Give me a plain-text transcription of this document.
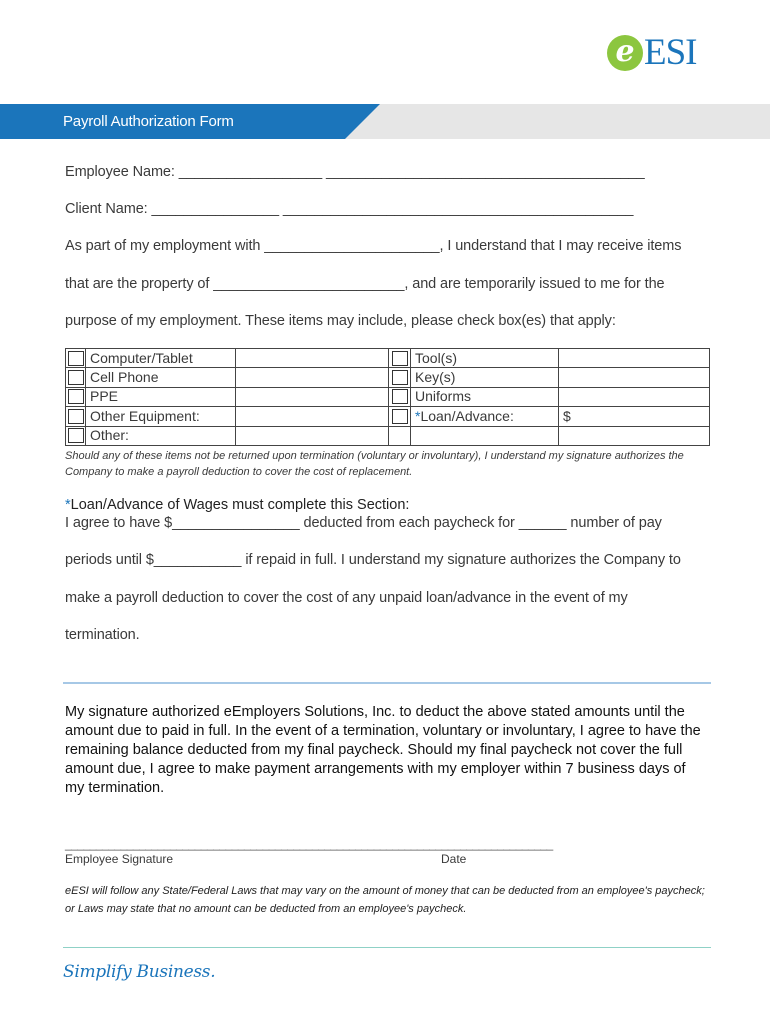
e ESI
Payroll Authorization Form
Employee Name: __________________ ________________________________________
Client Name: ________________ ____________________________________________
As part of my employment with ______________________, I understand that I may receive items
that are the property of ________________________, and are temporarily issued to me for the
purpose of my employment. These items may include, please check box(es) that apply:
	Computer/Tablet			Tool(s)	

	Cell Phone			Key(s)	

	PPE			Uniforms	

	Other Equipment:			*Loan/Advance:	$

	Other:				
Should any of these items not be returned upon termination (voluntary or involuntary), I understand my signature authorizes the Company to make a payroll deduction to cover the cost of replacement.
*Loan/Advance of Wages must complete this Section:
I agree to have $________________ deducted from each paycheck for ______ number of pay
periods until $___________ if repaid in full. I understand my signature authorizes the Company to
make a payroll deduction to cover the cost of any unpaid loan/advance in the event of my
termination.
My signature authorized eEmployers Solutions, Inc. to deduct the above stated amounts until the amount due to paid in full. In the event of a termination, voluntary or involuntary, I agree to have the remaining balance deducted from my final paycheck. Should my final paycheck not cover the full amount due, I agree to make payment arrangements with my employer within 7 business days of my termination.
_______________________________________________________________________________
Employee Signature	Date
eESI will follow any State/Federal Laws that may vary on the amount of money that can be deducted from an employee's paycheck; or Laws may state that no amount can be deducted from an employee's paycheck.
Simplify Business.
